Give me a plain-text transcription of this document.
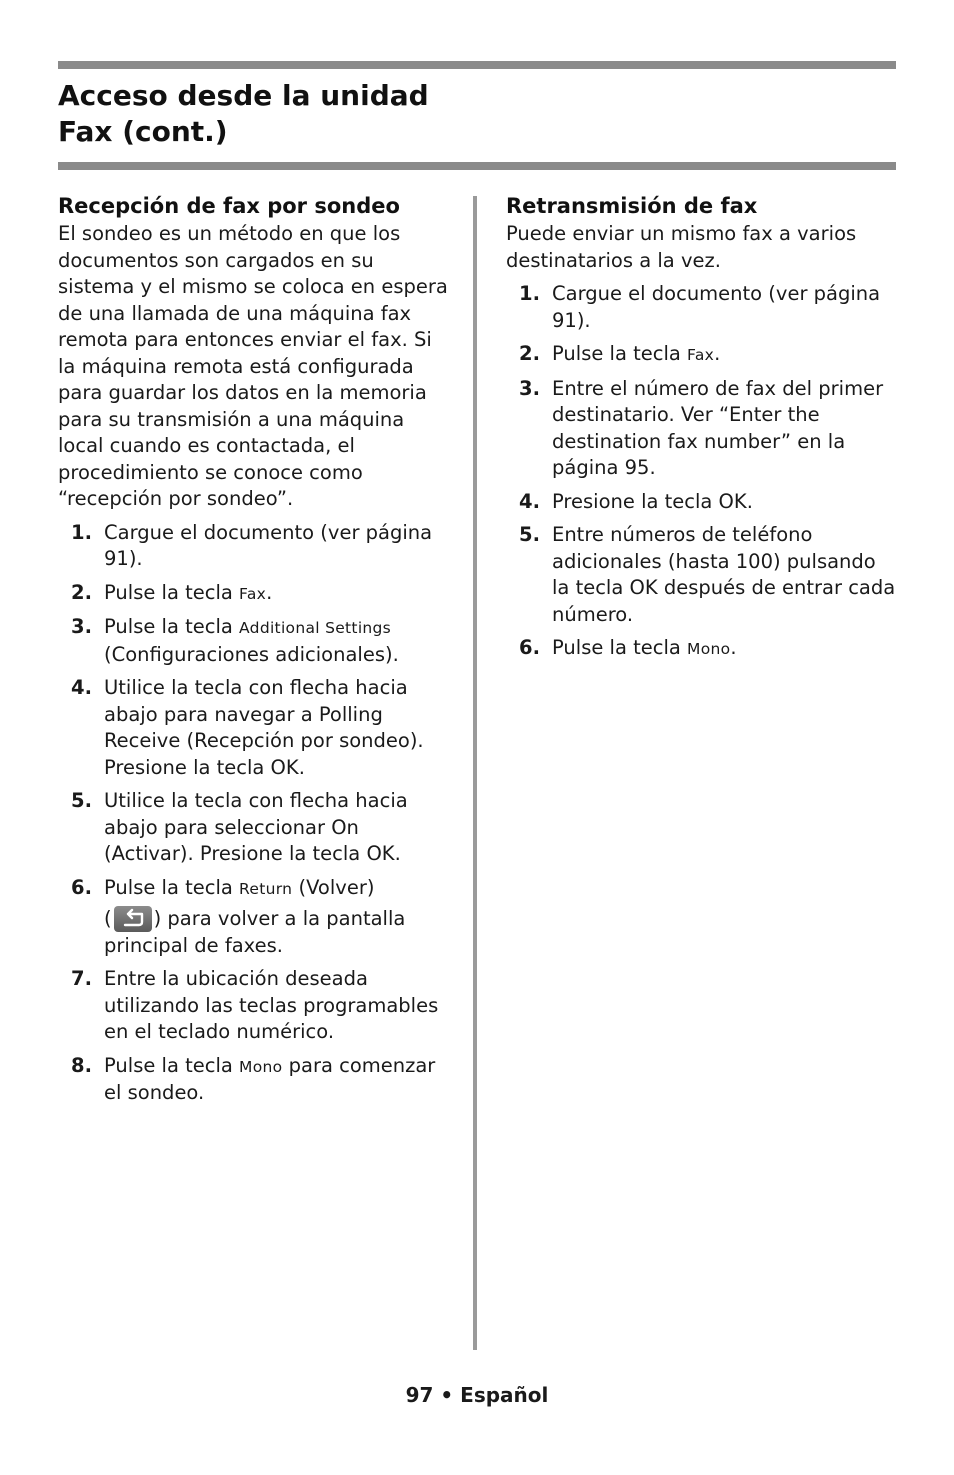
Acceso desde la unidad
Fax (cont.)
Recepción de fax por sondeo

El sondeo es un método en que los documentos son cargados en su sistema y el mismo se coloca en espera de una llamada de una máquina fax remota para entonces enviar el fax. Si la máquina remota está configurada para guardar los datos en la memoria para su transmisión a una máquina local cuando es contactada, el procedimiento se conoce como “recepción por sondeo”.

1. Cargue el documento (ver página 91).
2. Pulse la tecla Fax.
3. Pulse la tecla Additional Settings (Configuraciones adicionales).
4. Utilice la tecla con flecha hacia abajo para navegar a Polling Receive (Recepción por sondeo). Presione la tecla OK.
5. Utilice la tecla con flecha hacia abajo para seleccionar On (Activar). Presione la tecla OK.
6. Pulse la tecla Return (Volver)
( ) para volver a la pantalla principal de faxes.
7. Entre la ubicación deseada utilizando las teclas programables en el teclado numérico.
8. Pulse la tecla Mono para comenzar el sondeo.
Retransmisión de fax

Puede enviar un mismo fax a varios destinatarios a la vez.

1. Cargue el documento (ver página 91).
2. Pulse la tecla Fax.
3. Entre el número de fax del primer destinatario. Ver “Enter the destination fax number” en la página 95.
4. Presione la tecla OK.
5. Entre números de teléfono adicionales (hasta 100) pulsando la tecla OK después de entrar cada número.
6. Pulse la tecla Mono.
97 • Español
